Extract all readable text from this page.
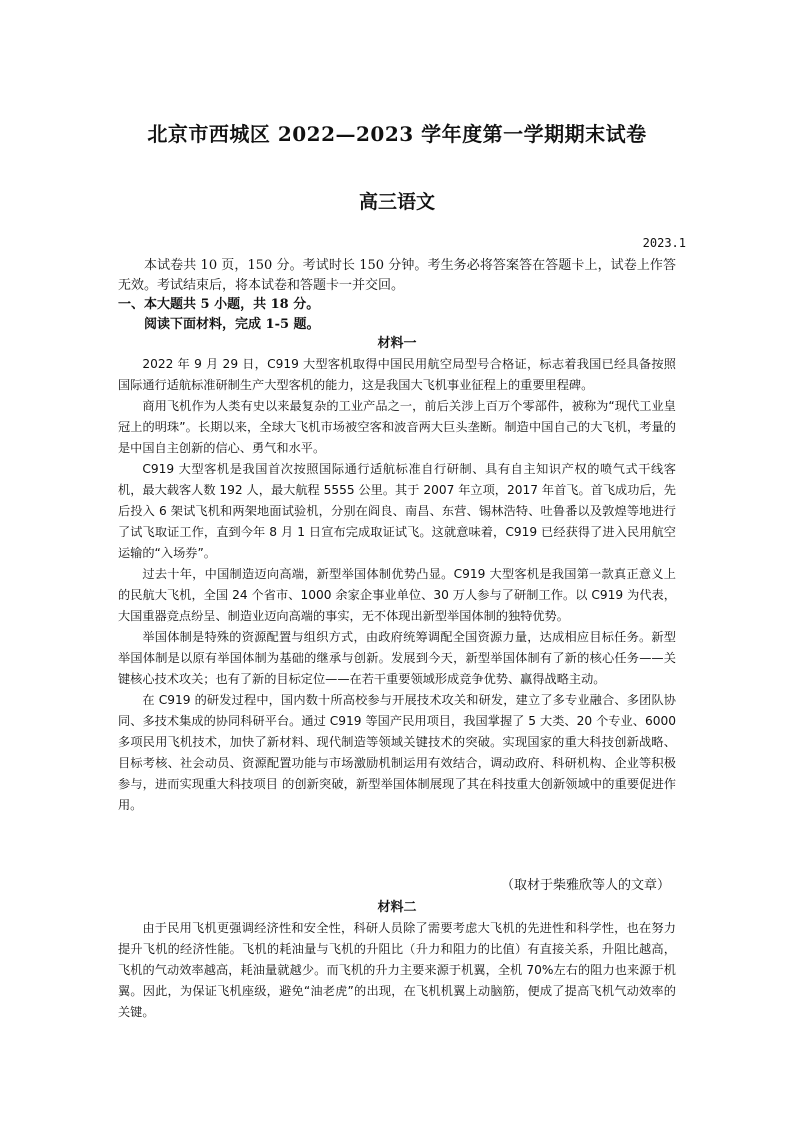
北京市西城区 2022—2023 学年度第一学期期末试卷
高三语文
2023.1

本试卷共 10 页，150 分。考试时长 150 分钟。考生务必将答案答在答题卡上，试卷上作答无效。考试结束后，将本试卷和答题卡一并交回。

一、本大题共 5 小题，共 18 分。

阅读下面材料，完成 1-5 题。

材料一

2022 年 9 月 29 日，C919 大型客机取得中国民用航空局型号合格证，标志着我国已经具备按照国际通行适航标准研制生产大型客机的能力，这是我国大飞机事业征程上的重要里程碑。

商用飞机作为人类有史以来最复杂的工业产品之一，前后关涉上百万个零部件，被称为“现代工业皇冠上的明珠”。长期以来，全球大飞机市场被空客和波音两大巨头垄断。制造中国自己的大飞机，考量的是中国自主创新的信心、勇气和水平。

C919 大型客机是我国首次按照国际通行适航标准自行研制、具有自主知识产权的喷气式干线客机，最大载客人数 192 人，最大航程 5555 公里。其于 2007 年立项，2017 年首飞。首飞成功后，先后投入 6 架试飞机和两架地面试验机，分别在阎良、南昌、东营、锡林浩特、吐鲁番以及敦煌等地进行了试飞取证工作，直到今年 8 月 1 日宣布完成取证试飞。这就意味着，C919 已经获得了进入民用航空运输的“入场券”。

过去十年，中国制造迈向高端，新型举国体制优势凸显。C919 大型客机是我国第一款真正意义上的民航大飞机，全国 24 个省市、1000 余家企事业单位、30 万人参与了研制工作。以 C919 为代表，大国重器竞点纷呈、制造业迈向高端的事实，无不体现出新型举国体制的独特优势。

举国体制是特殊的资源配置与组织方式，由政府统筹调配全国资源力量，达成相应目标任务。新型举国体制是以原有举国体制为基础的继承与创新。发展到今天，新型举国体制有了新的核心任务——关键核心技术攻关；也有了新的目标定位——在若干重要领域形成竞争优势、赢得战略主动。

在 C919 的研发过程中，国内数十所高校参与开展技术攻关和研发，建立了多专业融合、多团队协同、多技术集成的协同科研平台。通过 C919 等国产民用项目，我国掌握了 5 大类、20 个专业、6000 多项民用飞机技术，加快了新材料、现代制造等领域关键技术的突破。实现国家的重大科技创新战略、目标考核、社会动员、资源配置功能与市场激励机制运用有效结合，调动政府、科研机构、企业等积极参与，进而实现重大科技项目 的创新突破，新型举国体制展现了其在科技重大创新领域中的重要促进作用。

（取材于柴雅欣等人的文章）

材料二

由于民用飞机更强调经济性和安全性，科研人员除了需要考虑大飞机的先进性和科学性，也在努力提升飞机的经济性能。飞机的耗油量与飞机的升阻比（升力和阻力的比值）有直接关系，升阻比越高，飞机的气动效率越高，耗油量就越少。而飞机的升力主要来源于机翼，全机 70%左右的阻力也来源于机翼。因此，为保证飞机座级，避免“油老虎”的出现，在飞机机翼上动脑筋，便成了提高飞机气动效率的关键。
